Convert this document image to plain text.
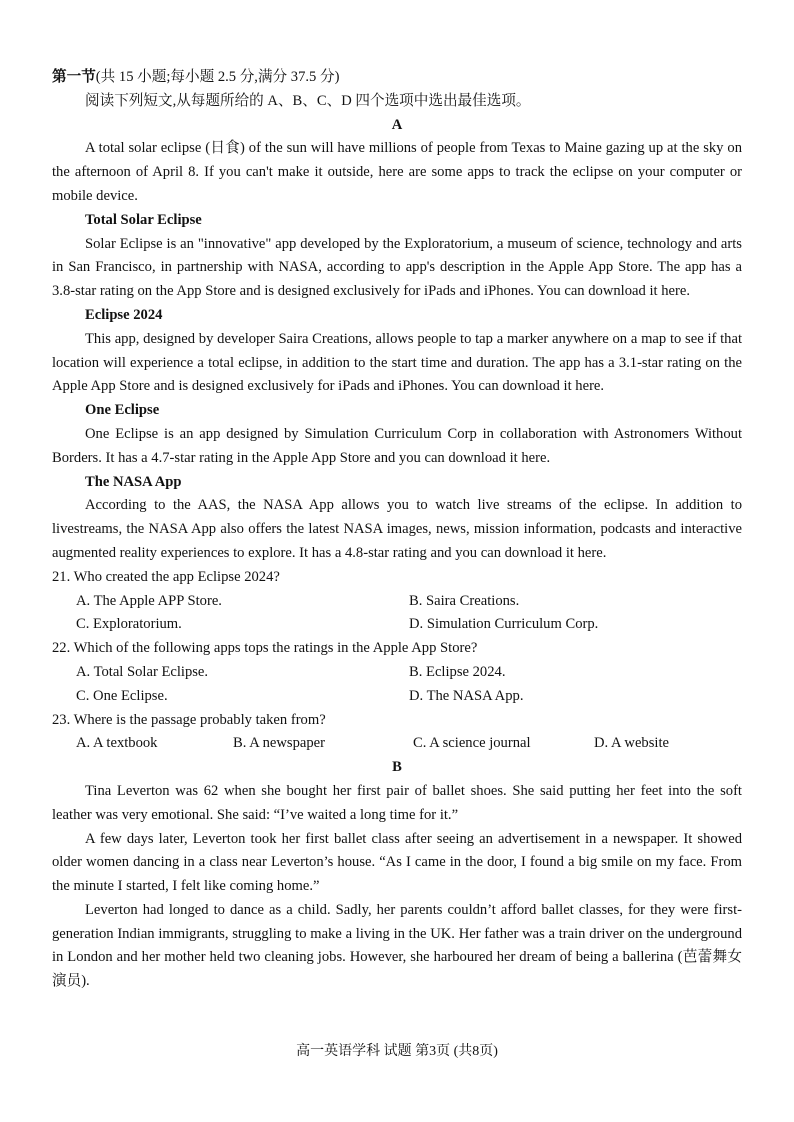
第一节(共 15 小题;每小题 2.5 分,满分 37.5 分)

阅读下列短文,从每题所给的 A、B、C、D 四个选项中选出最佳选项。

A

A total solar eclipse (日食) of the sun will have millions of people from Texas to Maine gazing up at the sky on the afternoon of April 8. If you can't make it outside, here are some apps to track the eclipse on your computer or mobile device.

Total Solar Eclipse

Solar Eclipse is an "innovative" app developed by the Exploratorium, a museum of science, technology and arts in San Francisco, in partnership with NASA, according to app's description in the Apple App Store. The app has a 3.8-star rating on the App Store and is designed exclusively for iPads and iPhones. You can download it here.

Eclipse 2024

This app, designed by developer Saira Creations, allows people to tap a marker anywhere on a map to see if that location will experience a total eclipse, in addition to the start time and duration. The app has a 3.1-star rating on the Apple App Store and is designed exclusively for iPads and iPhones. You can download it here.

One Eclipse

One Eclipse is an app designed by Simulation Curriculum Corp in collaboration with Astronomers Without Borders. It has a 4.7-star rating in the Apple App Store and you can download it here.

The NASA App

According to the AAS, the NASA App allows you to watch live streams of the eclipse. In addition to livestreams, the NASA App also offers the latest NASA images, news, mission information, podcasts and interactive augmented reality experiences to explore. It has a 4.8-star rating and you can download it here.

21. Who created the app Eclipse 2024?

A. The Apple APP Store.	B. Saira Creations.
C. Exploratorium.	D. Simulation Curriculum Corp.

22. Which of the following apps tops the ratings in the Apple App Store?

A. Total Solar Eclipse.	B. Eclipse 2024.
C. One Eclipse.	D. The NASA App.

23. Where is the passage probably taken from?

A. A textbook	B. A newspaper	C. A science journal	D. A website

B

Tina Leverton was 62 when she bought her first pair of ballet shoes. She said putting her feet into the soft leather was very emotional. She said: “I’ve waited a long time for it.”

A few days later, Leverton took her first ballet class after seeing an advertisement in a newspaper. It showed older women dancing in a class near Leverton’s house. “As I came in the door, I found a big smile on my face. From the minute I started, I felt like coming home.”

Leverton had longed to dance as a child. Sadly, her parents couldn’t afford ballet classes, for they were first-generation Indian immigrants, struggling to make a living in the UK. Her father was a train driver on the underground in London and her mother held two cleaning jobs. However, she harboured her dream of being a ballerina (芭蕾舞女演员).

高一英语学科 试题 第3页 (共8页)
